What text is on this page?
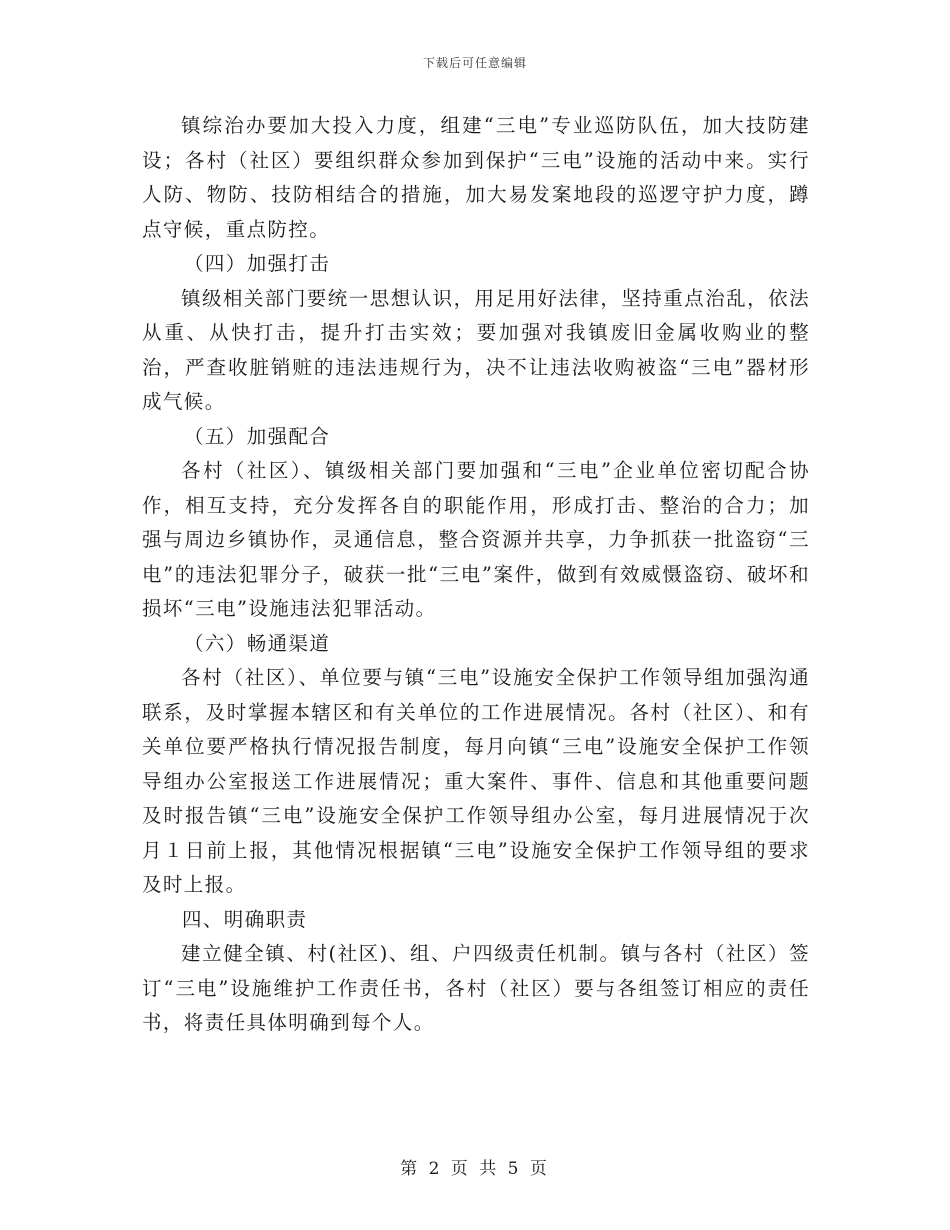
下载后可任意编辑

镇综治办要加大投入力度，组建“三电”专业巡防队伍，加大技防建设；各村（社区）要组织群众参加到保护“三电”设施的活动中来。实行人防、物防、技防相结合的措施，加大易发案地段的巡逻守护力度，蹲点守候，重点防控。

（四）加强打击

镇级相关部门要统一思想认识，用足用好法律，坚持重点治乱，依法从重、从快打击，提升打击实效；要加强对我镇废旧金属收购业的整治，严查收脏销赃的违法违规行为，决不让违法收购被盗“三电”器材形成气候。

（五）加强配合

各村（社区）、镇级相关部门要加强和“三电”企业单位密切配合协作，相互支持，充分发挥各自的职能作用，形成打击、整治的合力；加强与周边乡镇协作，灵通信息，整合资源并共享，力争抓获一批盗窃“三电”的违法犯罪分子，破获一批“三电”案件，做到有效威慑盗窃、破坏和损坏“三电”设施违法犯罪活动。

（六）畅通渠道

各村（社区）、单位要与镇“三电”设施安全保护工作领导组加强沟通联系，及时掌握本辖区和有关单位的工作进展情况。各村（社区）、和有关单位要严格执行情况报告制度，每月向镇“三电”设施安全保护工作领导组办公室报送工作进展情况；重大案件、事件、信息和其他重要问题及时报告镇“三电”设施安全保护工作领导组办公室，每月进展情况于次月１日前上报，其他情况根据镇“三电”设施安全保护工作领导组的要求及时上报。

四、明确职责

建立健全镇、村(社区)、组、户四级责任机制。镇与各村（社区）签订“三电”设施维护工作责任书，各村（社区）要与各组签订相应的责任书，将责任具体明确到每个人。

第 2 页 共 5 页
